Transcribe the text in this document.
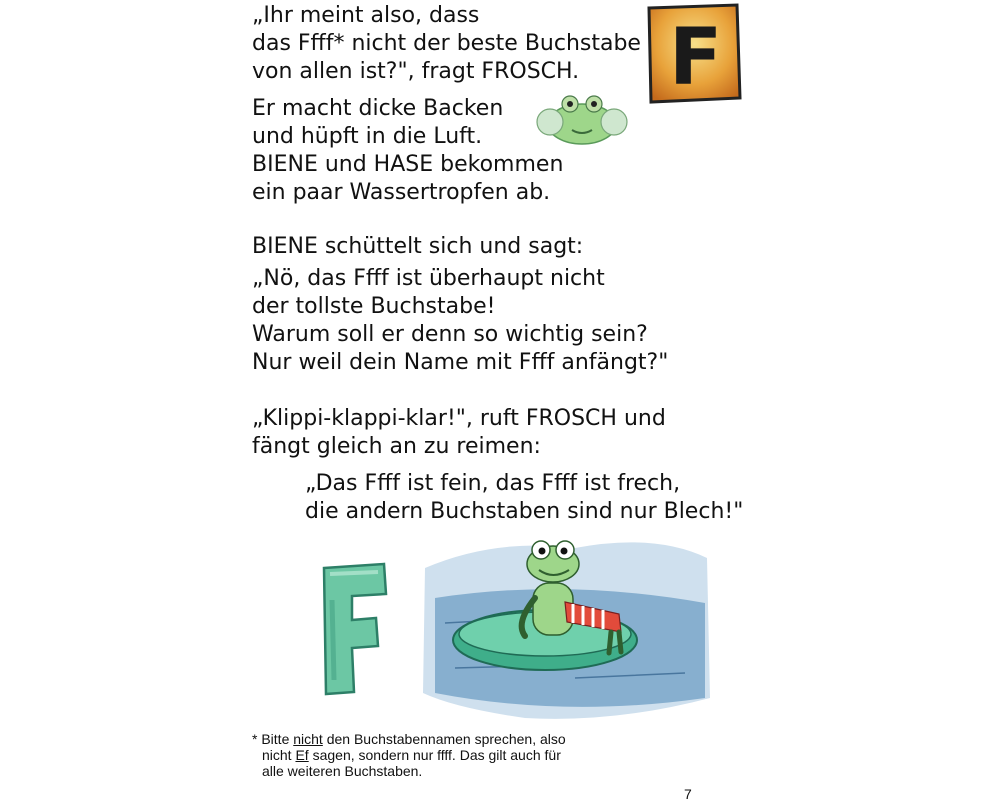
„Ihr meint also, dass
das Ffff* nicht der beste Buchstabe
von allen ist?", fragt FROSCH.
Er macht dicke Backen
und hüpft in die Luft.
BIENE und HASE bekommen
ein paar Wassertropfen ab.
BIENE schüttelt sich und sagt:
„Nö, das Ffff ist überhaupt nicht
der tollste Buchstabe!
Warum soll er denn so wichtig sein?
Nur weil dein Name mit Ffff anfängt?"
„Klippi-klappi-klar!", ruft FROSCH und
fängt gleich an zu reimen:
„Das Ffff ist fein, das Ffff ist frech,
die andern Buchstaben sind nur Blech!"
F
* Bitte nicht den Buchstabennamen sprechen, also
nicht Ef sagen, sondern nur ffff. Das gilt auch für
alle weiteren Buchstaben.
7
